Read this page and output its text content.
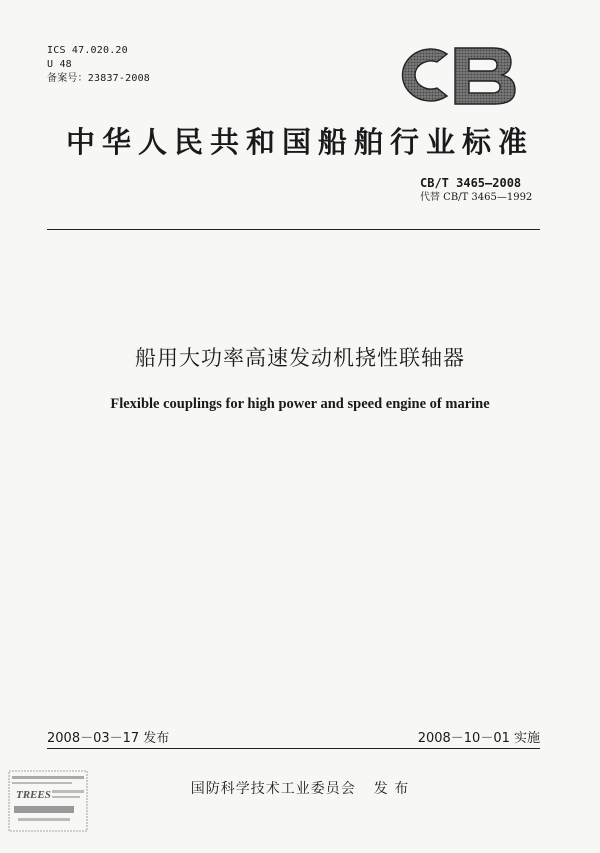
ICS 47.020.20
U 48
备案号：23837-2008
中华人民共和国船舶行业标准
CB/T 3465—2008
代替 CB/T 3465—1992
船用大功率高速发动机挠性联轴器
Flexible couplings for high power and speed engine of marine
2008－03－17 发布	2008－10－01 实施
国防科学技术工业委员会 发 布
TREES
